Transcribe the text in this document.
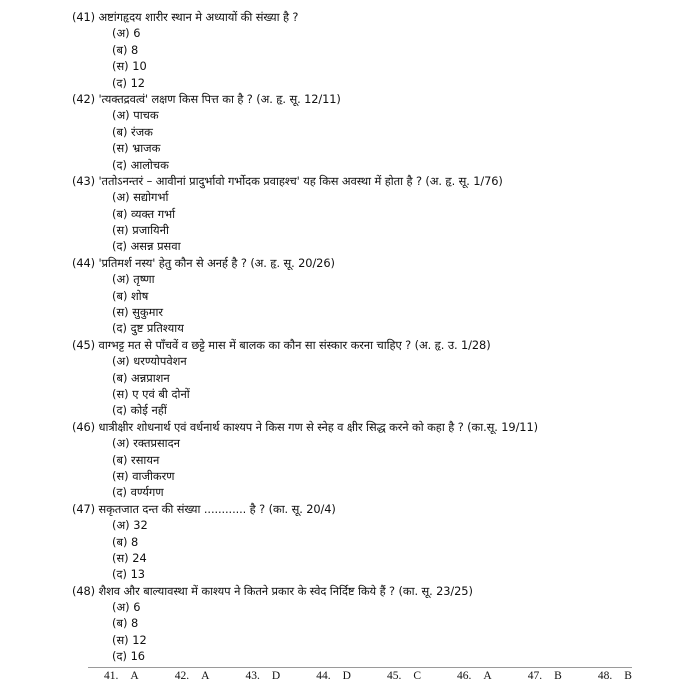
(41) अष्टांगहृदय शारीर स्थान मे अध्यायों की संख्या है ?
(अ) 6
(ब) 8
(स) 10
(द) 12
(42) 'त्यक्तद्रवत्वं' लक्षण किस पित्त का है ? (अ. हृ. सू. 12/11)
(अ) पाचक
(ब) रंजक
(स) भ्राजक
(द) आलोचक
(43) 'ततोऽनन्तरं – आवीनां प्रादुर्भावो गर्भोदक प्रवाहश्च' यह किस अवस्था में होता है ? (अ. हृ. सू. 1/76)
(अ) सद्योगर्भा
(ब) व्यक्त गर्भा
(स) प्रजायिनी
(द) असन्न प्रसवा
(44) 'प्रतिमर्श नस्य' हेतु कौन से अनर्ह है ? (अ. हृ. सू. 20/26)
(अ) तृष्णा
(ब) शोष
(स) सुकुमार
(द) दुष्ट प्रतिश्याय
(45) वाग्भट्ट मत से पाँचवें व छट्टे मास में बालक का कौन सा संस्कार करना चाहिए ? (अ. हृ. उ. 1/28)
(अ) धरण्योपवेशन
(ब) अन्नप्राशन
(स) ए एवं बी दोनों
(द) कोई नहीं
(46) धात्रीक्षीर शोधनार्थ एवं वर्धनार्थ काश्यप ने किस गण से स्नेह व क्षीर सिद्ध करने को कहा है ? (का.सू. 19/11)
(अ) रक्तप्रसादन
(ब) रसायन
(स) वाजीकरण
(द) वर्ण्यगण
(47) सकृतजात दन्त की संख्या ............ है ? (का. सू. 20/4)
(अ) 32
(ब) 8
(स) 24
(द) 13
(48) शैशव और बाल्यावस्था में काश्यप ने कितने प्रकार के स्वेद निर्दिष्ट किये हैं ? (का. सू. 23/25)
(अ) 6
(ब) 8
(स) 12
(द) 16
41. A	42. A	43. D	44. D	45. C	46. A	47. B	48. B
